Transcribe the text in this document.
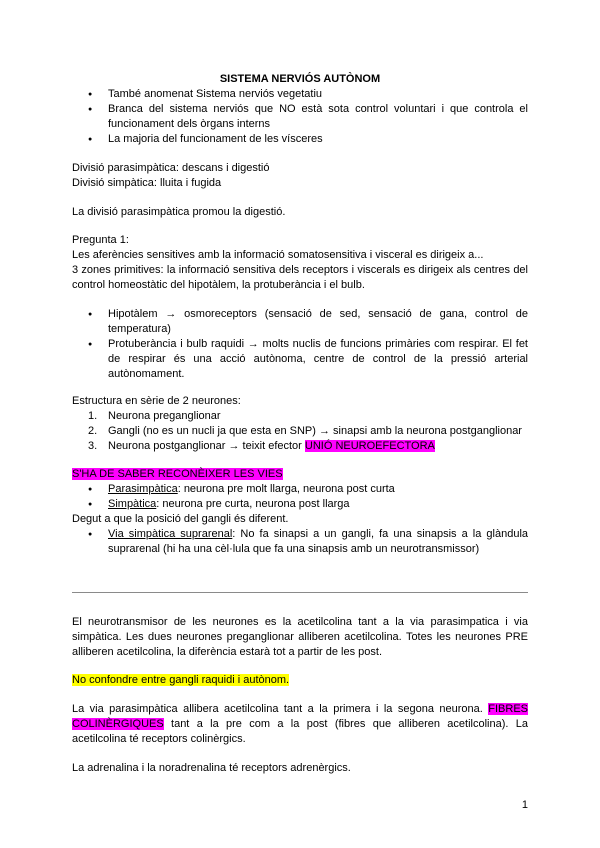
SISTEMA NERVIÓS AUTÒNOM
● També anomenat Sistema nerviós vegetatiu
● Branca del sistema nerviós que NO està sota control voluntari i que controla el funcionament dels òrgans interns
● La majoria del funcionament de les vísceres

Divisió parasimpàtica: descans i digestió

Divisió simpàtica: lluita i fugida

La divisió parasimpàtica promou la digestió.

Pregunta 1:

Les aferències sensitives amb la informació somatosensitiva i visceral es dirigeix a...

3 zones primitives: la informació sensitiva dels receptors i viscerals es dirigeix als centres del control homeostàtic del hipotàlem, la protuberància i el bulb.

● Hipotàlem → osmoreceptors (sensació de sed, sensació de gana, control de temperatura)
● Protuberància i bulb raquidi → molts nuclis de funcions primàries com respirar. El fet de respirar és una acció autònoma, centre de control de la pressió arterial autònomament.

Estructura en sèrie de 2 neurones:

1. Neurona preganglionar
2. Gangli (no es un nucli ja que esta en SNP) → sinapsi amb la neurona postganglionar
3. Neurona postganglionar → teixit efector UNIÓ NEUROEFECTORA

S'HA DE SABER RECONÈIXER LES VIES

● Parasimpàtica: neurona pre molt llarga, neurona post curta
● Simpàtica: neurona pre curta, neurona post llarga

Degut a que la posició del gangli és diferent.

● Via simpàtica suprarenal: No fa sinapsi a un gangli, fa una sinapsis a la glàndula suprarenal (hi ha una cèl·lula que fa una sinapsis amb un neurotransmissor)

El neurotransmisor de les neurones es la acetilcolina tant a la via parasimpatica i via simpàtica. Les dues neurones preganglionar alliberen acetilcolina. Totes les neurones PRE alliberen acetilcolina, la diferència estarà tot a partir de les post.

No confondre entre gangli raquidi i autònom.

La via parasimpàtica allibera acetilcolina tant a la primera i la segona neurona. FIBRES COLINÈRGIQUES tant a la pre com a la post (fibres que alliberen acetilcolina). La acetilcolina té receptors colinèrgics.

La adrenalina i la noradrenalina té receptors adrenèrgics.

1
